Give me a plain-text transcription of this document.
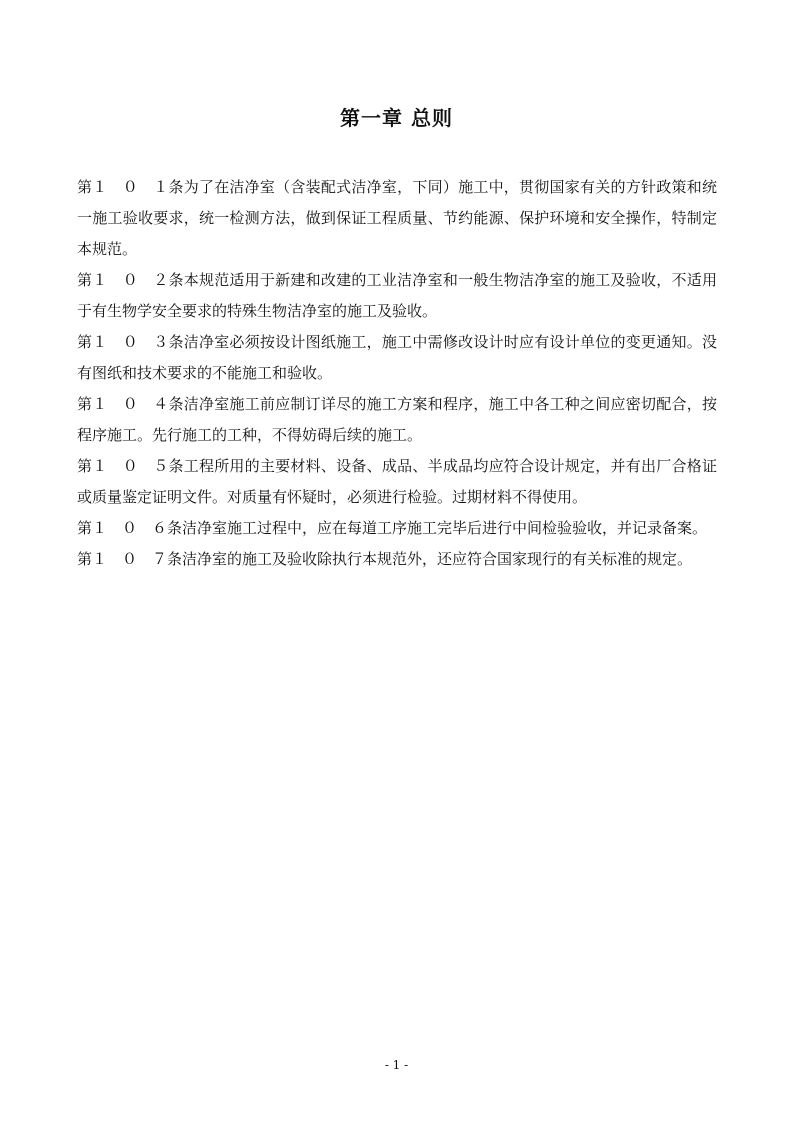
第一章 总则

第１　０　１条为了在洁净室（含装配式洁净室，下同）施工中，贯彻国家有关的方针政策和统一施工验收要求，统一检测方法，做到保证工程质量、节约能源、保护环境和安全操作，特制定本规范。

第１　０　２条本规范适用于新建和改建的工业洁净室和一般生物洁净室的施工及验收，不适用于有生物学安全要求的特殊生物洁净室的施工及验收。

第１　０　３条洁净室必须按设计图纸施工，施工中需修改设计时应有设计单位的变更通知。没有图纸和技术要求的不能施工和验收。

第１　０　４条洁净室施工前应制订详尽的施工方案和程序，施工中各工种之间应密切配合，按程序施工。先行施工的工种，不得妨碍后续的施工。

第１　０　５条工程所用的主要材料、设备、成品、半成品均应符合设计规定，并有出厂合格证或质量鉴定证明文件。对质量有怀疑时，必须进行检验。过期材料不得使用。

第１　０　６条洁净室施工过程中，应在每道工序施工完毕后进行中间检验验收，并记录备案。

第１　０　７条洁净室的施工及验收除执行本规范外，还应符合国家现行的有关标准的规定。

- 1 -
